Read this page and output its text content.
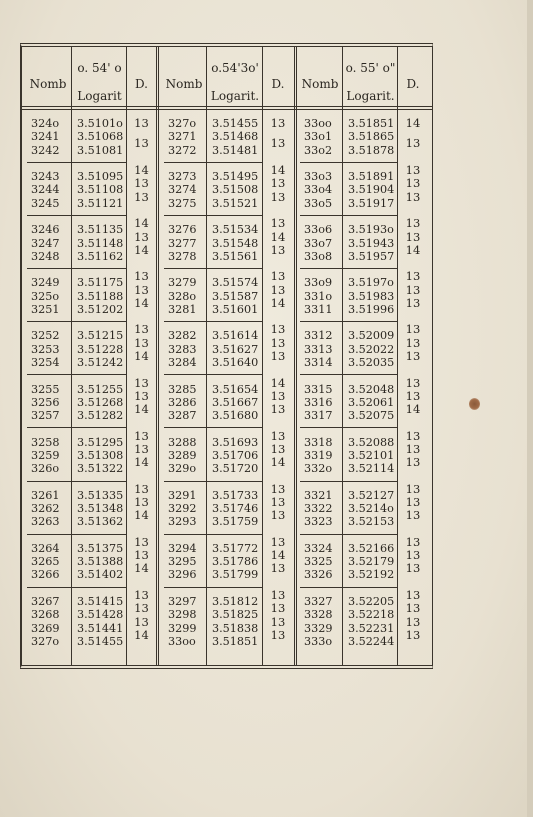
Nomb
o. 54' o
Logarit
D.	Nomb
o.54'3o'
Logarit.
D.	Nomb
o. 55' o"
Logarit.
D.
324o 3.5101o
3241 3.51068
3242 3.51081
13
13
3243 3.51095
3244 3.51108
3245 3.51121
14
13
13
3246 3.51135
3247 3.51148
3248 3.51162
14
13
14
3249 3.51175
325o 3.51188
3251 3.51202
13
13
14
3252 3.51215
3253 3.51228
3254 3.51242
13
13
14
3255 3.51255
3256 3.51268
3257 3.51282
13
13
14
3258 3.51295
3259 3.51308
326o 3.51322
13
13
14
3261 3.51335
3262 3.51348
3263 3.51362
13
13
14
3264 3.51375
3265 3.51388
3266 3.51402
13
13
14
3267 3.51415
3268 3.51428
3269 3.51441
327o 3.51455
13
13
13
14
327o 3.51455
3271 3.51468
3272 3.51481
13
13
3273 3.51495
3274 3.51508
3275 3.51521
14
13
13
3276 3.51534
3277 3.51548
3278 3.51561
13
14
13
3279 3.51574
328o 3.51587
3281 3.51601
13
13
14
3282 3.51614
3283 3.51627
3284 3.51640
13
13
13
3285 3.51654
3286 3.51667
3287 3.51680
14
13
13
3288 3.51693
3289 3.51706
329o 3.51720
13
13
14
3291 3.51733
3292 3.51746
3293 3.51759
13
13
13
3294 3.51772
3295 3.51786
3296 3.51799
13
14
13
3297 3.51812
3298 3.51825
3299 3.51838
33oo 3.51851
13
13
13
13
33oo 3.51851
33o1 3.51865
33o2 3.51878
14
13
33o3 3.51891
33o4 3.51904
33o5 3.51917
13
13
13
33o6 3.5193o
33o7 3.51943
33o8 3.51957
13
13
14
33o9 3.5197o
331o 3.51983
3311 3.51996
13
13
13
3312 3.52009
3313 3.52022
3314 3.52035
13
13
13
3315 3.52048
3316 3.52061
3317 3.52075
13
13
14
3318 3.52088
3319 3.52101
332o 3.52114
13
13
13
3321 3.52127
3322 3.5214o
3323 3.52153
13
13
13
3324 3.52166
3325 3.52179
3326 3.52192
13
13
13
3327 3.52205
3328 3.52218
3329 3.52231
333o 3.52244
13
13
13
13
